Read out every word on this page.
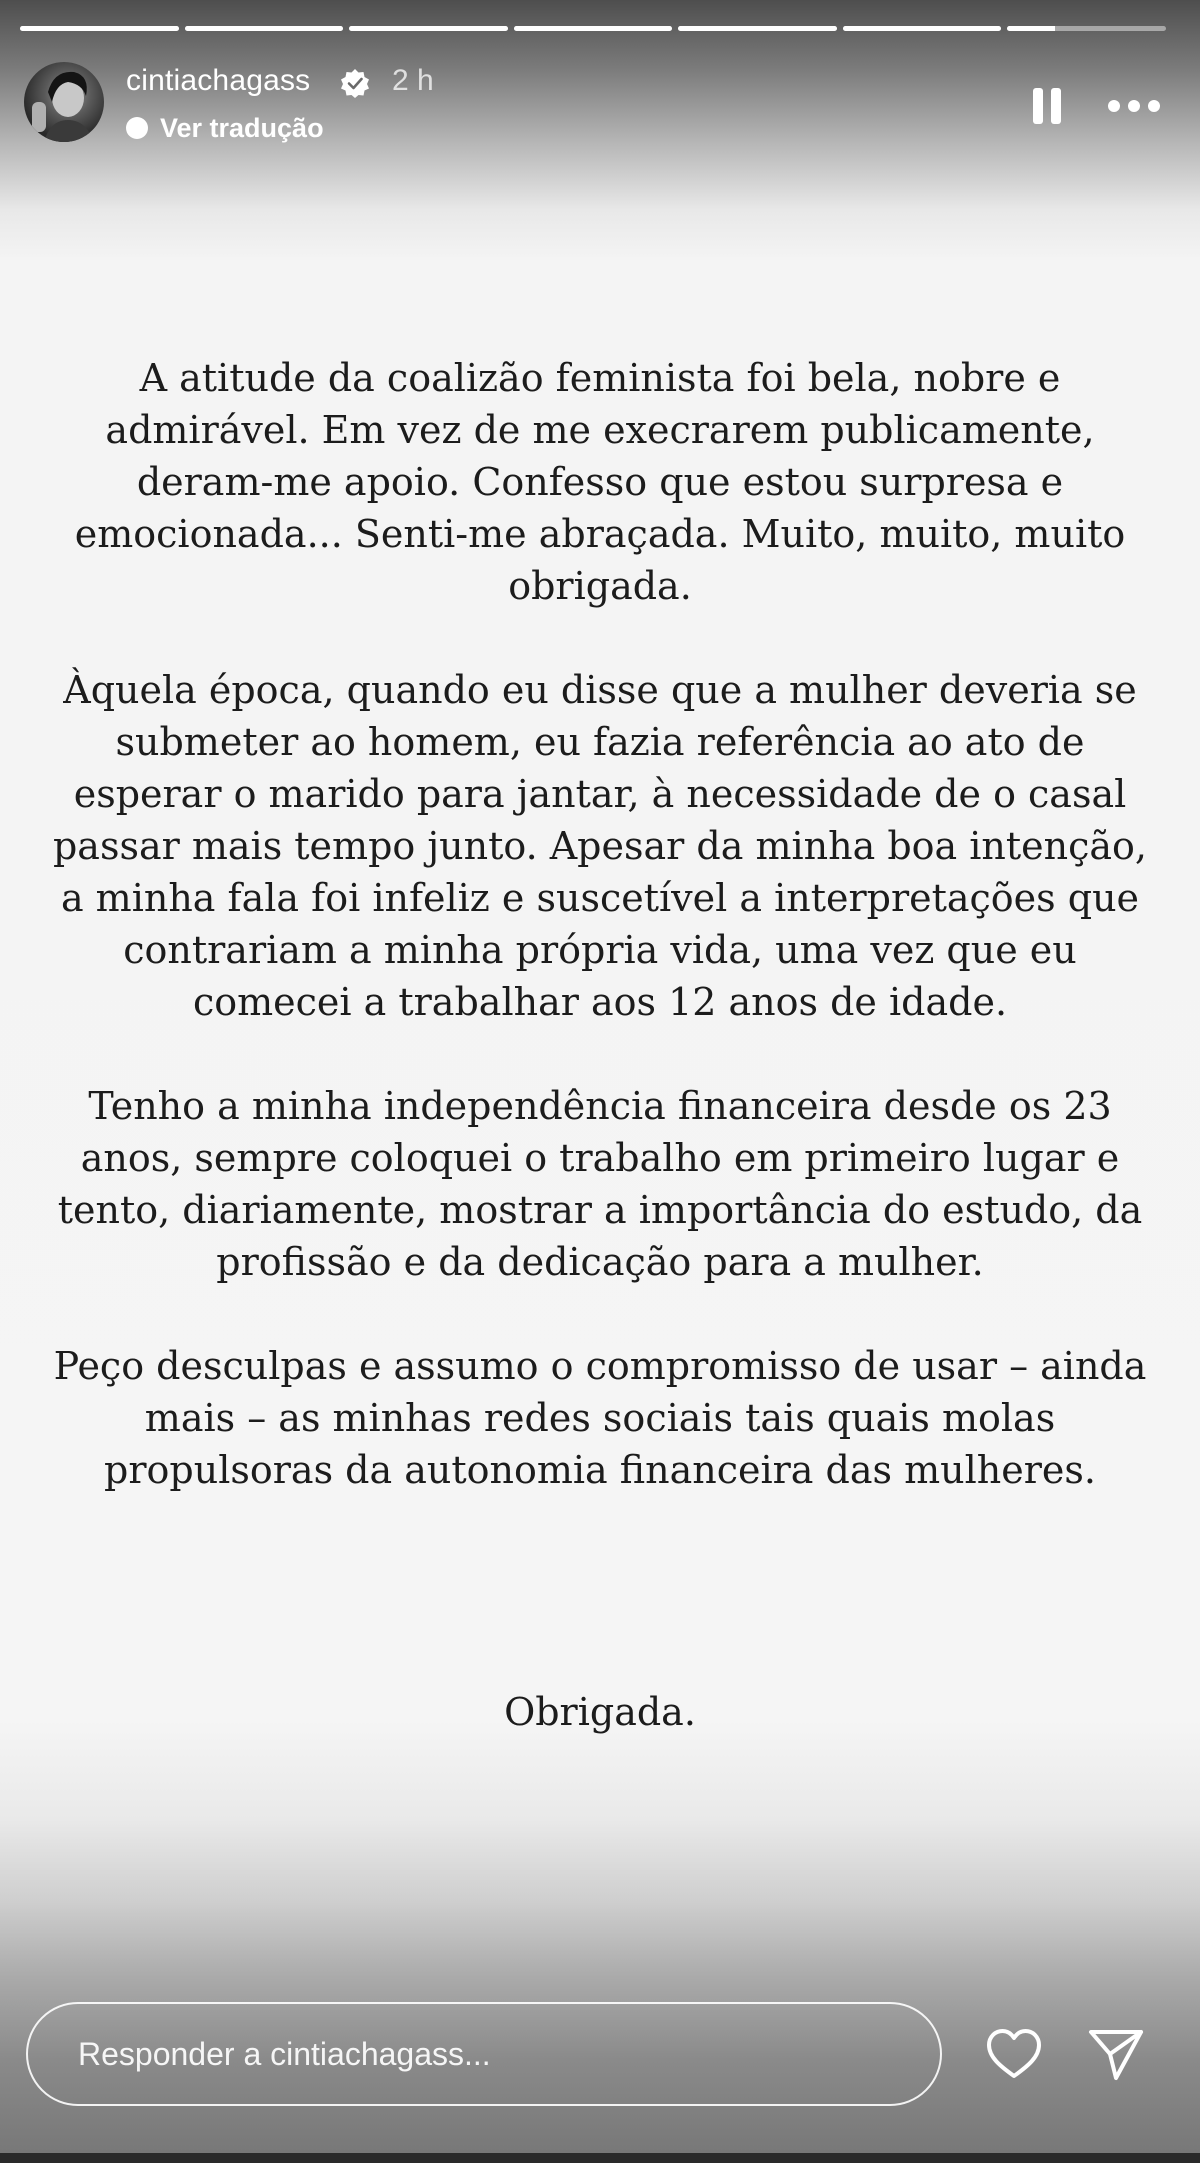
cintiachagass	2 h
Ver tradução

A atitude da coalizão feminista foi bela, nobre e admirável. Em vez de me execrarem publicamente, deram-me apoio. Confesso que estou surpresa e emocionada... Senti-me abraçada. Muito, muito, muito obrigada.

Àquela época, quando eu disse que a mulher deveria se submeter ao homem, eu fazia referência ao ato de esperar o marido para jantar, à necessidade de o casal passar mais tempo junto. Apesar da minha boa intenção, a minha fala foi infeliz e suscetível a interpretações que contrariam a minha própria vida, uma vez que eu comecei a trabalhar aos 12 anos de idade.

Tenho a minha independência financeira desde os 23 anos, sempre coloquei o trabalho em primeiro lugar e tento, diariamente, mostrar a importância do estudo, da profissão e da dedicação para a mulher.

Peço desculpas e assumo o compromisso de usar – ainda mais – as minhas redes sociais tais quais molas propulsoras da autonomia financeira das mulheres.

Obrigada.
Responder a cintiachagass...
